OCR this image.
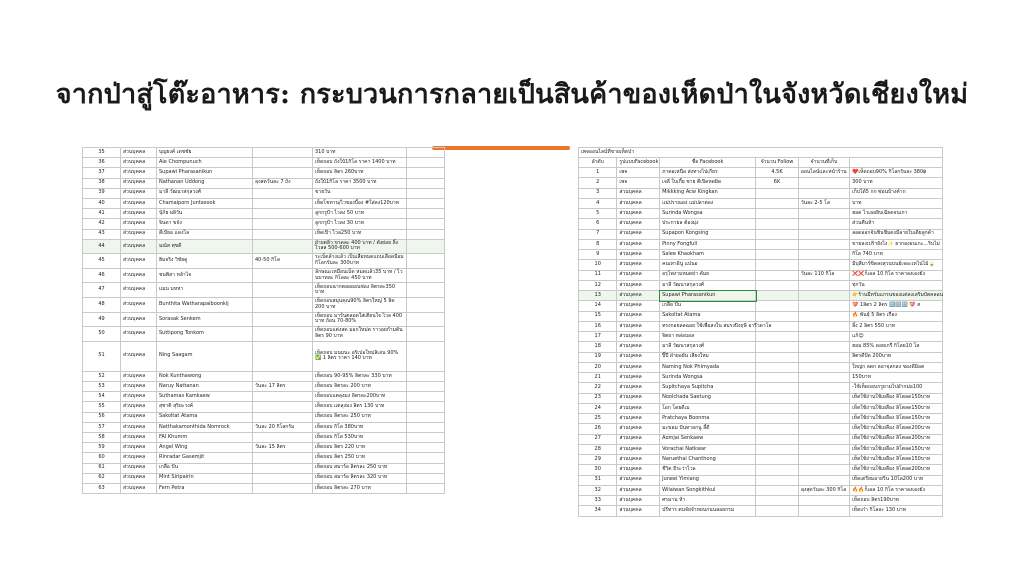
จากป่าสู่โต๊ะอาหาร: กระบวนการกลายเป็นสินค้าของเห็ดป่าในจังหวัดเชียงใหม่
35	ส่วนบุคคล	บุญยงค์ เดชชัย		310 บาท	
36	ส่วนบุคคล	Aie Chompunuch		เห็ดถอบ ถังใบ้1กิโล ราคา 1400 บาท	
37	ส่วนบุคคล	Supawi Pharasanikun		เห็ดถอบ ลิตร 260บาท	
38	ส่วนบุคคล	Nathanan Uddong	ลุงสดวันละ 7 ถัง	ถังใบ้1กิโล ราคา 3500 บาท	
39	ส่วนบุคคล	มาลี วัฒนาสกุลวงศ์		ขายวัน	
40	ส่วนบุคคล	Chamaiporn Juntasook		เห็ดโขทาน/ไวของบี้อง #ใส่ลง120บาท	
41	ส่วนบุคคล	นุ้ก้ย ผลิวัน		ลูกกรูป้า ไวลง 50 บาท	
42	ส่วนบุคคล	จินดา ขจัง		ลูกกรูป้า ไวลง 30 บาท	
43	ส่วนบุคคล	ดีเบียอ แดงไล		เห็ดเปิ่า ไวล250 บาท	
44	ส่วนบุคคล	มณัส ศุขดี		ฝ่ายตลิ่ว ขวดละ 400 บาท / ตังย่อย ลิ้งไวลล 500-600 บาท	
45	ส่วนบุคคล	ฮิมจริง วิชัยดู	40-50 กิโล	ระเบ็ดล้างแล้ว เป็นเสือหมดแถนเลือดมีอม กิโลกรัมละ 300บาท	
46	ส่วนบุคคล	ชนพิสา หล้าไจ		ลักษณะเหมือนเบ็ด หมดแล้ว35 บาท / ไวนบาทละ กิโลละ 450 บาท	
47	ส่วนบุคคล	แมน มหหา		เห็ดถอบฉากตลอยอนช่อง ลิตรละ350 บาท	
48	ส่วนบุคคล	Bunthita Watharapaiboonkij		เห็ดถอบสมุนคุณ90% ลิตรใหญ่ 5 ลิด 200 บาท	
49	ส่วนบุคคล	Sorasak Senkem		เห็ดถอบ มาร้นตลอดใส่เตียนใจ ไวล 400 บาท ถ้อน 70-80%	
50	ส่วนบุคคล	Suttipong Tonkom		เห็ดถอบแต่งสด มอกใหม่ค ราวอยกำมตัน ลิตร 90 บาท	
51	ส่วนบุคคล	Ning Saagam		เห็ดถอบ มนมนะ อริเปอใหม่ลิเอ่น 90% ✅ 1 ลิตร ราคา 140 บาท	
52	ส่วนบุคคล	Nok Kunthawong		เห็ดถอบ 90-95% ลิตรละ 330 บาท	
53	ส่วนบุคคล	Naruy Nattanan	วันละ 17 ลิตร	เห็ดถอบ ลิตรละ 200 บาท	
54	ส่วนบุคคล	Suthamas Kamkaew		เห็ดถอบแตลุงมง ลิตรละ200บาท	
55	ส่วนบุคคล	สุชาติ สุริยะวงค์		เห็ดถอบ แตลุงมง ลิตร 130 บาท	
56	ส่วนบุคคล	Sakoltat Atama		เห็ดถอบ ลิตรละ 250 บาท	
57	ส่วนบุคคล	Natthakamonthida Nomrock	วันละ 20 กิโลกรัม	เห็ดถอบ กิโล 380บาท	
58	ส่วนบุคคล	FAI Khumm		เห็ดถอบ กิโล 530บาท	
59	ส่วนบุคคล	Angel Wing	วันละ 15 ลิตร	เห็ดถอบ ลิตร 220 บาท	
60	ส่วนบุคคล	Rinradar Gasemjit		เห็ดถอบ ลิตร 250 บาท	
61	ส่วนบุคคล	เกลือ ปัน		เห็ดถอบ สมาร์อ ลิตรละ 250 บาท	
62	ส่วนบุคคล	Mint Siripairin		เห็ดถอบ สมาร์อ ลิตรละ 320 บาท	
63	ส่วนบุคคล	Fern Petra		เห็ดถอบ ลิตรละ 270 บาท	
เพจออนไลน์ที่ขายเห็ดป่า					
ลำดับ	รูปแบบFacebook	ชื่อ Facebook	จำนวน Follow	จำนวนที่เก็บ	
1	เพจ	ภาคอเหนือ ส่งทางไปเกียร	4.5K	ออนไลน์และหน้าร้าน	❤️เห็ดถอบ90% กิโลกรัมละ 380฿
2	เพจ	เจลี่ ใบเกี้ย ชาย ตีเปิดหดผิด	6K		300 บาท
3	ส่วนบุคคล	Mikkking Acw Kingkan			เก็บได้5 กก ซ่อนบ้างค้าก
4	ส่วนบุคคล	แม่ปราณอง แม่ปลาตอง		วันละ 2-5 โล	บาท
5	ส่วนบุคคล	Surinda Wongsa			ฮอด ไวเลอยิบเฉียดจนเกา
6	ส่วนบุคคล	ประกายล ต้องมุ่ง			ส่วนคืนห้า
7	ส่วนบุคคล	Supapon Kongsing			ลอดออกจ้นชินชีมดงมีลายใบเดียลูกค้า
8	ส่วนบุคคล	Pinny Fongfull			ขายลงเปร้ายังไง✨ ยากลงอนเกะ...ริบไม่
9	ส่วนบุคคล	Salee Khaokham			กิโล 740 บาท
10	ส่วนบุคคล	คนเทาอินู แปนอ			มีบุสีมาร์ขิดลงสุวนบนย์เจอะเทไน่ไม้🍃
11	ส่วนบุคคล	อรุโพงามหมดย่า คัมย		วันละ 110 กิโล	❌❌ก็เอล 10 กิโล ราคาลงเองยัง
12	ส่วนบุคคล	มาลี วัฒนาสกุลวงศ์			ทุกวัน
13	ส่วนบุคคล	Supawi Pharasanikun			👉ร้านมีทรัมแกรนของแต่ลงเสริมบัตคลอน
14	ส่วนบุคคล	เกลือ ปัน			💝 1ลิตร 2 ลิตร 🔠🔠🔠 💝 ส
15	ส่วนบุคคล	Sakoltat Atama			🔥 พันธุ์ 5 ลิตร เกือง
16	ส่วนบุคคล	ทรงกอยลลฉอย ใช้เพื่อสงใน สมรงปิงฤษี อารีวดาโล			ลิ้ง 2 ลิตร 550 บาท
17	ส่วนบุคคล	จิตยา หล่อบอล			แก้😊
18	ส่วนบุคคล	มาลี วัฒนาสกุลวงศ์			ฮอม 85% ดอยเกรื กิโลย10 โล
19	ส่วนบุคคล	ปิ๊ปี ฝ่ายอยัน เสียงใหม			ลิตรดีปัด 200บาท
20	ส่วนบุคคล	Naming Nok Phimyada			ใหญ่ก ลดก ลอาจุลกลง ของดีมิอต
21	ส่วนบุคคล	Surinda Wongsa			150บาท
22	ส่วนบุคคล	Supitchaya Supitcha			-ใช้เห็ดถอบกรูยามไปอำกม่อ100
23	ส่วนบุคคล	Noolchada Saetung			เห็ดใช้ถ่านใช้เผลือง ลิโตลด150บาท
24	ส่วนบุคคล	โอก โดยดีเม			เห็ดใช้ถ่านใช้เผลือง ลิโตลด150บาท
25	ส่วนบุคคล	Pratchaya Boonma			เห็ดใช้ถ่านใช้เผลือง ลิโตลด150บาท
26	ส่วนบุคคล	มะขอม ปันทาอกนู ลี้ดี			เห็ดใช้ถ่านใช้เผลือง ลิโตลด200บาท
27	ส่วนบุคคล	Aomjai Senkaew			เห็ดใช้ถ่านใช้เผลือง ลิโตลด200บาท
28	ส่วนบุคคล	Vorachai Natkwar			เห็ดใช้ถ่านใช้เผลือง ลิโตลด150บาท
29	ส่วนบุคคล	Naruethai Chanthong			เห็ดใช้ถ่านใช้เผลือง ลิโตลด150บาท
30	ส่วนบุคคล	ชีวิต ธีระว่าไวล			เห็ดใช้ถ่านใช้เผลือง ลิโตลด200บาท
31	ส่วนบุคคล	Juneei Yimiang			เห็ดเตรียมอายริ่น 10โล200 บาท
32	ส่วนบุคคล	Wilaiwan Songkithkul		ลุงสุดวันละ 300 กิโล	🔥🔥ก็เอล 10 กิโล ราคาลงเองยัง
33	ส่วนบุคคล	ศรมาน ห้า			เห็ดถอบ ลิตร190บาท
34	ส่วนบุคคล	ปรีทาร ตนจัยจำหยนกนนลอยกรม			เห็ดเก๋า กิโลละ 130 บาท
